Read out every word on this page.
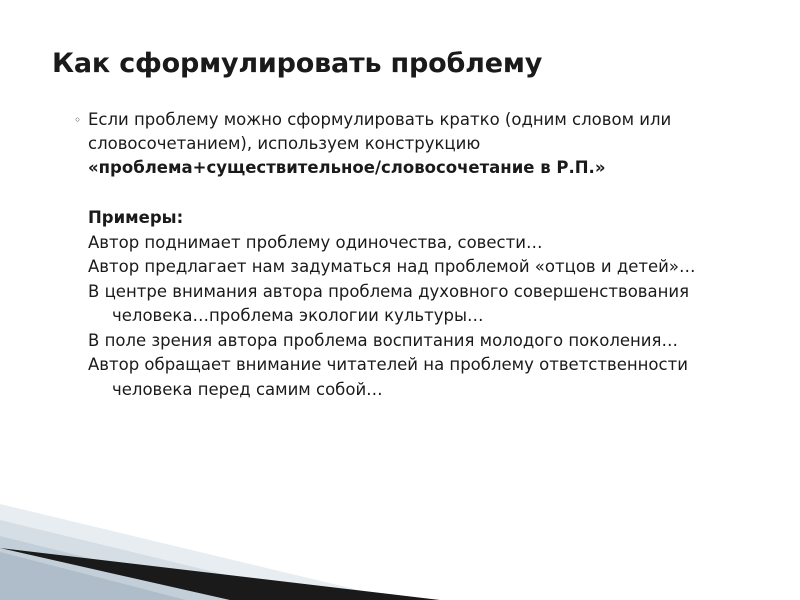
Как сформулировать проблему
◦ Если проблему можно сформулировать кратко (одним словом или словосочетанием), используем конструкцию «проблема+существительное/словосочетание в Р.П.»
Примеры:
Автор поднимает проблему одиночества, совести…
Автор предлагает нам задуматься над проблемой «отцов и детей»…
В центре внимания автора проблема духовного совершенствования человека…проблема экологии культуры…
В поле зрения автора проблема воспитания молодого поколения…
Автор обращает внимание читателей на проблему ответственности человека перед самим собой…
